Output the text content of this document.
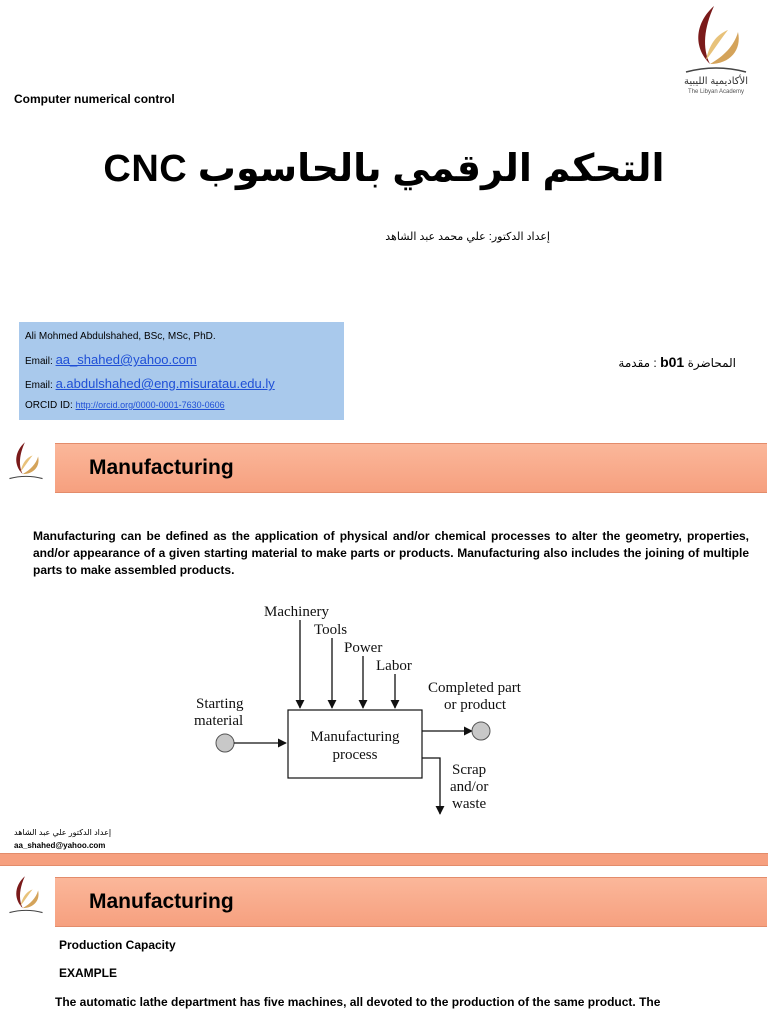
الأكاديمية الليبية
The Libyan Academy
Computer numerical control
التحكم الرقمي بالحاسوب CNC
إعداد الدكتور: علي محمد عبد الشاهد
Ali Mohmed Abdulshahed, BSc, MSc, PhD.
Email: aa_shahed@yahoo.com
Email: a.abdulshahed@eng.misuratau.edu.ly
ORCID ID: http://orcid.org/0000-0001-7630-0606
المحاضرة b01 : مقدمة
Manufacturing
Manufacturing can be defined as the application of physical and/or chemical processes to alter the geometry, properties, and/or appearance of a given starting material to make parts or products. Manufacturing also includes the joining of multiple parts to make assembled products.
Machinery
Tools
Power
Labor
Starting
material
Manufacturing
process
Completed part
or product
Scrap
and/or
waste
إعداد الدكتور علي عبد الشاهد
aa_shahed@yahoo.com
Manufacturing
Production Capacity
EXAMPLE
The automatic lathe department has five machines, all devoted to the production of the same product. The
